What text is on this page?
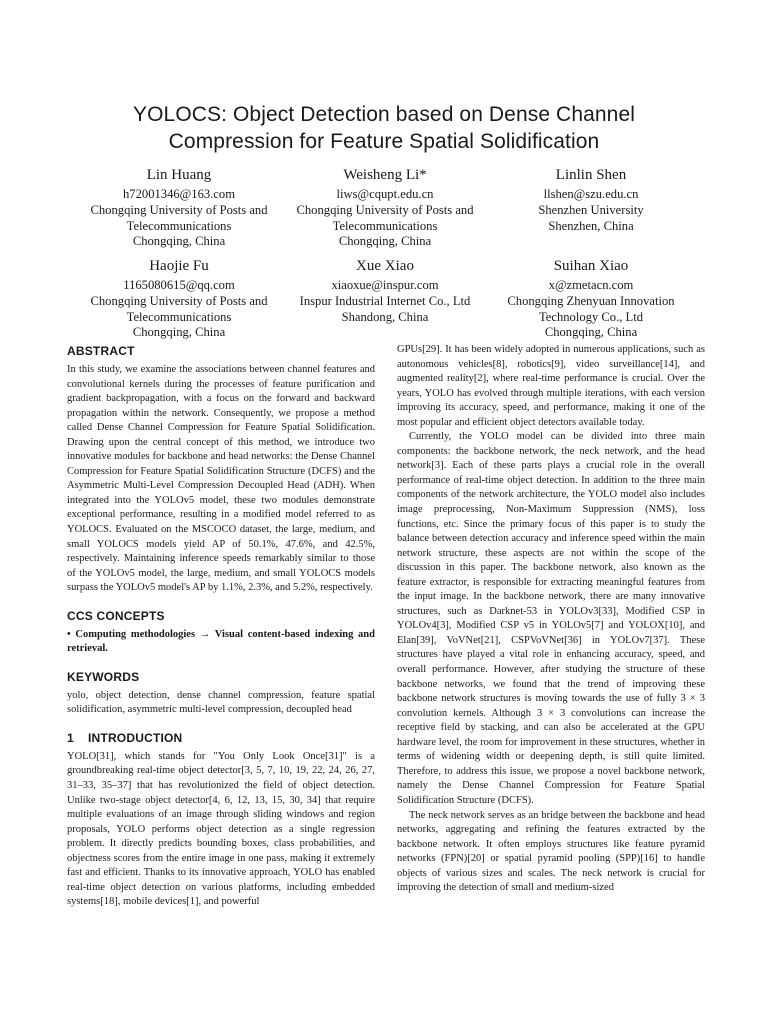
YOLOCS: Object Detection based on Dense Channel
Compression for Feature Spatial Solidification
Lin Huang
h72001346@163.com
Chongqing University of Posts and
Telecommunications
Chongqing, China
Weisheng Li*
liws@cqupt.edu.cn
Chongqing University of Posts and
Telecommunications
Chongqing, China
Linlin Shen
llshen@szu.edu.cn
Shenzhen University
Shenzhen, China
Haojie Fu
1165080615@qq.com
Chongqing University of Posts and
Telecommunications
Chongqing, China
Xue Xiao
xiaoxue@inspur.com
Inspur Industrial Internet Co., Ltd
Shandong, China
Suihan Xiao
x@zmetacn.com
Chongqing Zhenyuan Innovation
Technology Co., Ltd
Chongqing, China
ABSTRACT

In this study, we examine the associations between channel features and convolutional kernels during the processes of feature purification and gradient backpropagation, with a focus on the forward and backward propagation within the network. Consequently, we propose a method called Dense Channel Compression for Feature Spatial Solidification. Drawing upon the central concept of this method, we introduce two innovative modules for backbone and head networks: the Dense Channel Compression for Feature Spatial Solidification Structure (DCFS) and the Asymmetric Multi-Level Compression Decoupled Head (ADH). When integrated into the YOLOv5 model, these two modules demonstrate exceptional performance, resulting in a modified model referred to as YOLOCS. Evaluated on the MSCOCO dataset, the large, medium, and small YOLOCS models yield AP of 50.1%, 47.6%, and 42.5%, respectively. Maintaining inference speeds remarkably similar to those of the YOLOv5 model, the large, medium, and small YOLOCS models surpass the YOLOv5 model's AP by 1.1%, 2.3%, and 5.2%, respectively.

CCS CONCEPTS

• Computing methodologies → Visual content-based indexing and retrieval.

KEYWORDS

yolo, object detection, dense channel compression, feature spatial solidification, asymmetric multi-level compression, decoupled head

1    INTRODUCTION

YOLO[31], which stands for "You Only Look Once[31]" is a groundbreaking real-time object detector[3, 5, 7, 10, 19, 22, 24, 26, 27, 31–33, 35–37] that has revolutionized the field of object detection. Unlike two-stage object detector[4, 6, 12, 13, 15, 30, 34] that require multiple evaluations of an image through sliding windows and region proposals, YOLO performs object detection as a single regression problem. It directly predicts bounding boxes, class probabilities, and objectness scores from the entire image in one pass, making it extremely fast and efficient. Thanks to its innovative approach, YOLO has enabled real-time object detection on various platforms, including embedded systems[18], mobile devices[1], and powerful

GPUs[29]. It has been widely adopted in numerous applications, such as autonomous vehicles[8], robotics[9], video surveillance[14], and augmented reality[2], where real-time performance is crucial. Over the years, YOLO has evolved through multiple iterations, with each version improving its accuracy, speed, and performance, making it one of the most popular and efficient object detectors available today.

Currently, the YOLO model can be divided into three main components: the backbone network, the neck network, and the head network[3]. Each of these parts plays a crucial role in the overall performance of real-time object detection. In addition to the three main components of the network architecture, the YOLO model also includes image preprocessing, Non-Maximum Suppression (NMS), loss functions, etc. Since the primary focus of this paper is to study the balance between detection accuracy and inference speed within the main network structure, these aspects are not within the scope of the discussion in this paper. The backbone network, also known as the feature extractor, is responsible for extracting meaningful features from the input image. In the backbone network, there are many innovative structures, such as Darknet-53 in YOLOv3[33], Modified CSP in YOLOv4[3], Modified CSP v5 in YOLOv5[7] and YOLOX[10], and Elan[39], VoVNet[21], CSPVoVNet[36] in YOLOv7[37]. These structures have played a vital role in enhancing accuracy, speed, and overall performance. However, after studying the structure of these backbone networks, we found that the trend of improving these backbone network structures is moving towards the use of fully 3 × 3 convolution kernels. Although 3 × 3 convolutions can increase the receptive field by stacking, and can also be accelerated at the GPU hardware level, the room for improvement in these structures, whether in terms of widening width or deepening depth, is still quite limited. Therefore, to address this issue, we propose a novel backbone network, namely the Dense Channel Compression for Feature Spatial Solidification Structure (DCFS).

The neck network serves as an bridge between the backbone and head networks, aggregating and refining the features extracted by the backbone network. It often employs structures like feature pyramid networks (FPN)[20] or spatial pyramid pooling (SPP)[16] to handle objects of various sizes and scales. The neck network is crucial for improving the detection of small and medium-sized
